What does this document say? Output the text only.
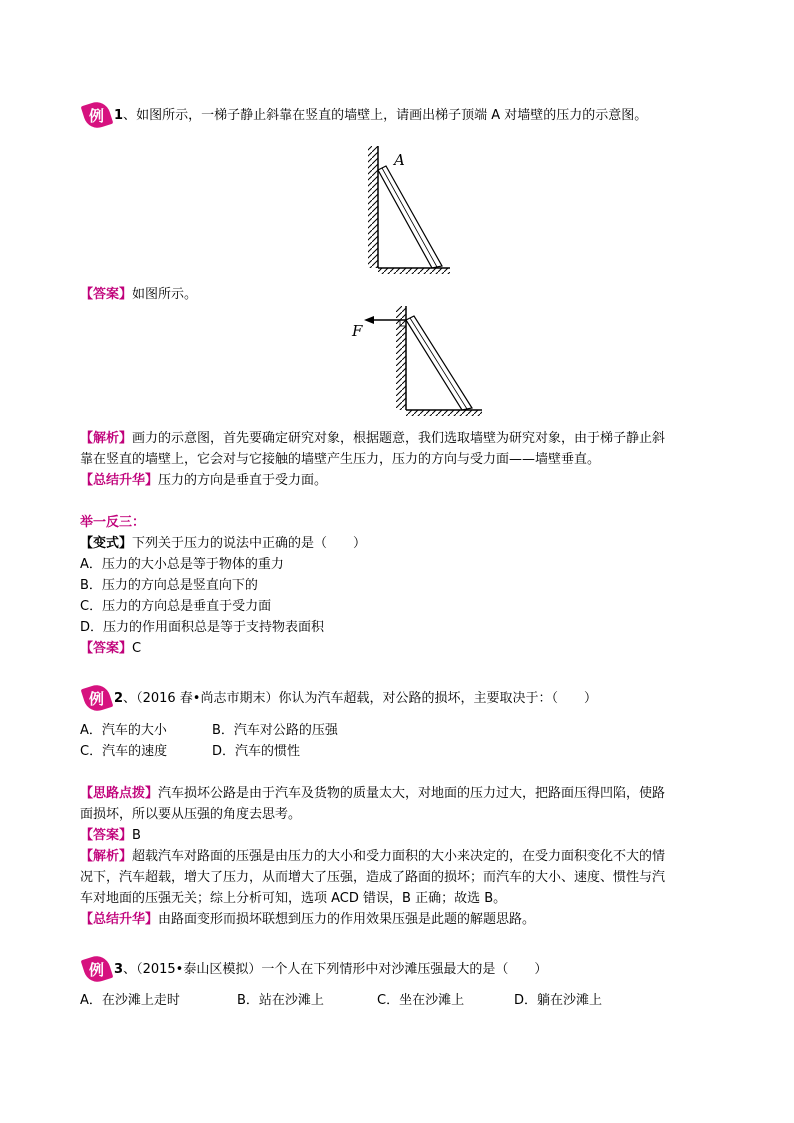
例 1、如图所示，一梯子静止斜靠在竖直的墙壁上，请画出梯子顶端 A 对墙壁的压力的示意图。
A
【答案】如图所示。
F
【解析】画力的示意图，首先要确定研究对象，根据题意，我们选取墙壁为研究对象，由于梯子静止斜
靠在竖直的墙壁上，它会对与它接触的墙壁产生压力，压力的方向与受力面——墙壁垂直。
【总结升华】压力的方向是垂直于受力面。
举一反三：
【变式】下列关于压力的说法中正确的是（　　）
A．压力的大小总是等于物体的重力
B．压力的方向总是竖直向下的
C．压力的方向总是垂直于受力面
D．压力的作用面积总是等于支持物表面积
【答案】C
例 2、（2016 春•尚志市期末）你认为汽车超载，对公路的损坏，主要取决于：（　　）
A．汽车的大小	B．汽车对公路的压强
C．汽车的速度	D．汽车的惯性
【思路点拨】汽车损坏公路是由于汽车及货物的质量太大，对地面的压力过大，把路面压得凹陷，使路
面损坏，所以要从压强的角度去思考。
【答案】B
【解析】超载汽车对路面的压强是由压力的大小和受力面积的大小来决定的，在受力面积变化不大的情
况下，汽车超载，增大了压力，从而增大了压强，造成了路面的损坏；而汽车的大小、速度、惯性与汽
车对地面的压强无关；综上分析可知，选项 ACD 错误，B 正确；故选 B。
【总结升华】由路面变形而损坏联想到压力的作用效果压强是此题的解题思路。
例 3、（2015•泰山区模拟）一个人在下列情形中对沙滩压强最大的是（　　）
A．在沙滩上走时	B．站在沙滩上	C．坐在沙滩上	D．躺在沙滩上
